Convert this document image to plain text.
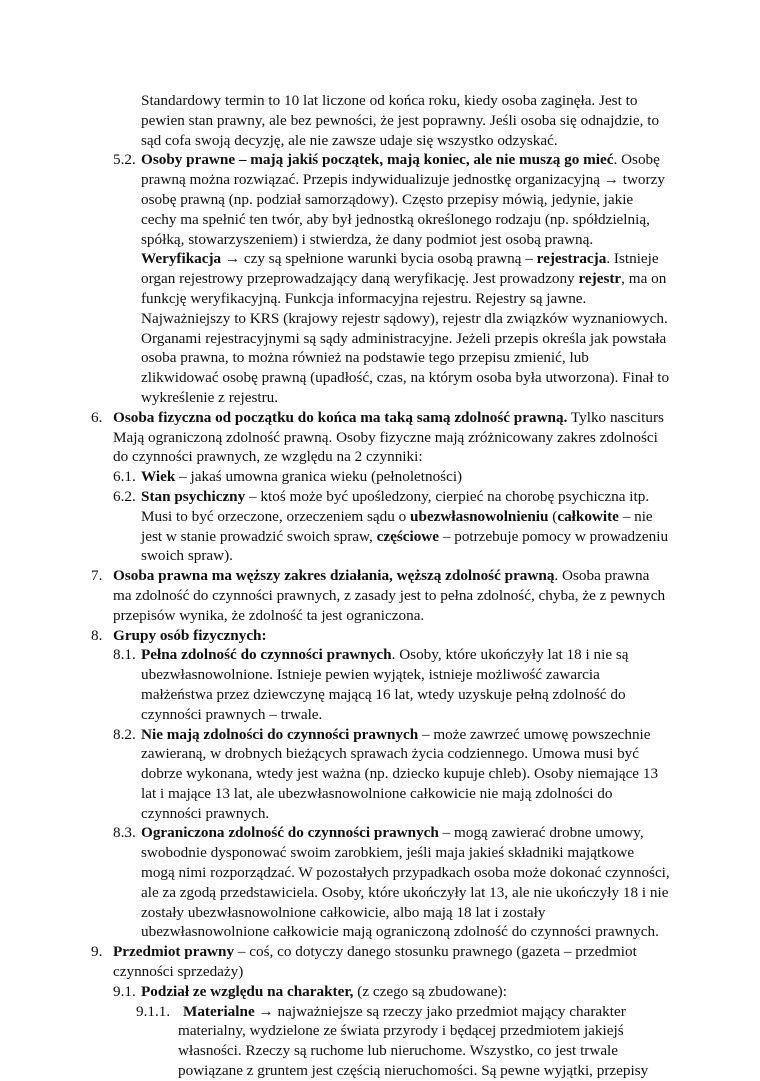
Standardowy termin to 10 lat liczone od końca roku, kiedy osoba zaginęła. Jest to pewien stan prawny, ale bez pewności, że jest poprawny. Jeśli osoba się odnajdzie, to sąd cofa swoją decyzję, ale nie zawsze udaje się wszystko odzyskać.
5.2. Osoby prawne – mają jakiś początek, mają koniec, ale nie muszą go mieć. Osobę prawną można rozwiązać. Przepis indywidualizuje jednostkę organizacyjną → tworzy osobę prawną (np. podział samorządowy). Często przepisy mówią, jedynie, jakie cechy ma spełnić ten twór, aby był jednostką określonego rodzaju (np. spółdzielnią, spółką, stowarzyszeniem) i stwierdza, że dany podmiot jest osobą prawną. Weryfikacja → czy są spełnione warunki bycia osobą prawną – rejestracja. Istnieje organ rejestrowy przeprowadzający daną weryfikację. Jest prowadzony rejestr, ma on funkcję weryfikacyjną. Funkcja informacyjna rejestru. Rejestry są jawne. Najważniejszy to KRS (krajowy rejestr sądowy), rejestr dla związków wyznaniowych. Organami rejestracyjnymi są sądy administracyjne. Jeżeli przepis określa jak powstała osoba prawna, to można również na podstawie tego przepisu zmienić, lub zlikwidować osobę prawną (upadłość, czas, na którym osoba była utworzona). Finał to wykreślenie z rejestru.
6. Osoba fizyczna od początku do końca ma taką samą zdolność prawną. Tylko nasciturs Mają ograniczoną zdolność prawną. Osoby fizyczne mają zróżnicowany zakres zdolności do czynności prawnych, ze względu na 2 czynniki:
6.1. Wiek – jakaś umowna granica wieku (pełnoletności)
6.2. Stan psychiczny – ktoś może być upośledzony, cierpieć na chorobę psychiczna itp. Musi to być orzeczone, orzeczeniem sądu o ubezwłasnowolnieniu (całkowite – nie jest w stanie prowadzić swoich spraw, częściowe – potrzebuje pomocy w prowadzeniu swoich spraw).
7. Osoba prawna ma węższy zakres działania, węższą zdolność prawną. Osoba prawna ma zdolność do czynności prawnych, z zasady jest to pełna zdolność, chyba, że z pewnych przepisów wynika, że zdolność ta jest ograniczona.
8. Grupy osób fizycznych:
8.1. Pełna zdolność do czynności prawnych. Osoby, które ukończyły lat 18 i nie są ubezwłasnowolnione. Istnieje pewien wyjątek, istnieje możliwość zawarcia małżeństwa przez dziewczynę mającą 16 lat, wtedy uzyskuje pełną zdolność do czynności prawnych – trwale.
8.2. Nie mają zdolności do czynności prawnych – może zawrzeć umowę powszechnie zawieraną, w drobnych bieżących sprawach życia codziennego. Umowa musi być dobrze wykonana, wtedy jest ważna (np. dziecko kupuje chleb). Osoby niemające 13 lat i mające 13 lat, ale ubezwłasnowolnione całkowicie nie mają zdolności do czynności prawnych.
8.3. Ograniczona zdolność do czynności prawnych – mogą zawierać drobne umowy, swobodnie dysponować swoim zarobkiem, jeśli maja jakieś składniki majątkowe mogą nimi rozporządzać. W pozostałych przypadkach osoba może dokonać czynności, ale za zgodą przedstawiciela. Osoby, które ukończyły lat 13, ale nie ukończyły 18 i nie zostały ubezwłasnowolnione całkowicie, albo mają 18 lat i zostały ubezwłasnowolnione całkowicie mają ograniczoną zdolność do czynności prawnych.
9. Przedmiot prawny – coś, co dotyczy danego stosunku prawnego (gazeta – przedmiot czynności sprzedaży)
9.1. Podział ze względu na charakter, (z czego są zbudowane):
9.1.1. Materialne → najważniejsze są rzeczy jako przedmiot mający charakter materialny, wydzielone ze świata przyrody i będącej przedmiotem jakiejś własności. Rzeczy są ruchome lub nieruchome. Wszystko, co jest trwale powiązane z gruntem jest częścią nieruchomości. Są pewne wyjątki, przepisy
